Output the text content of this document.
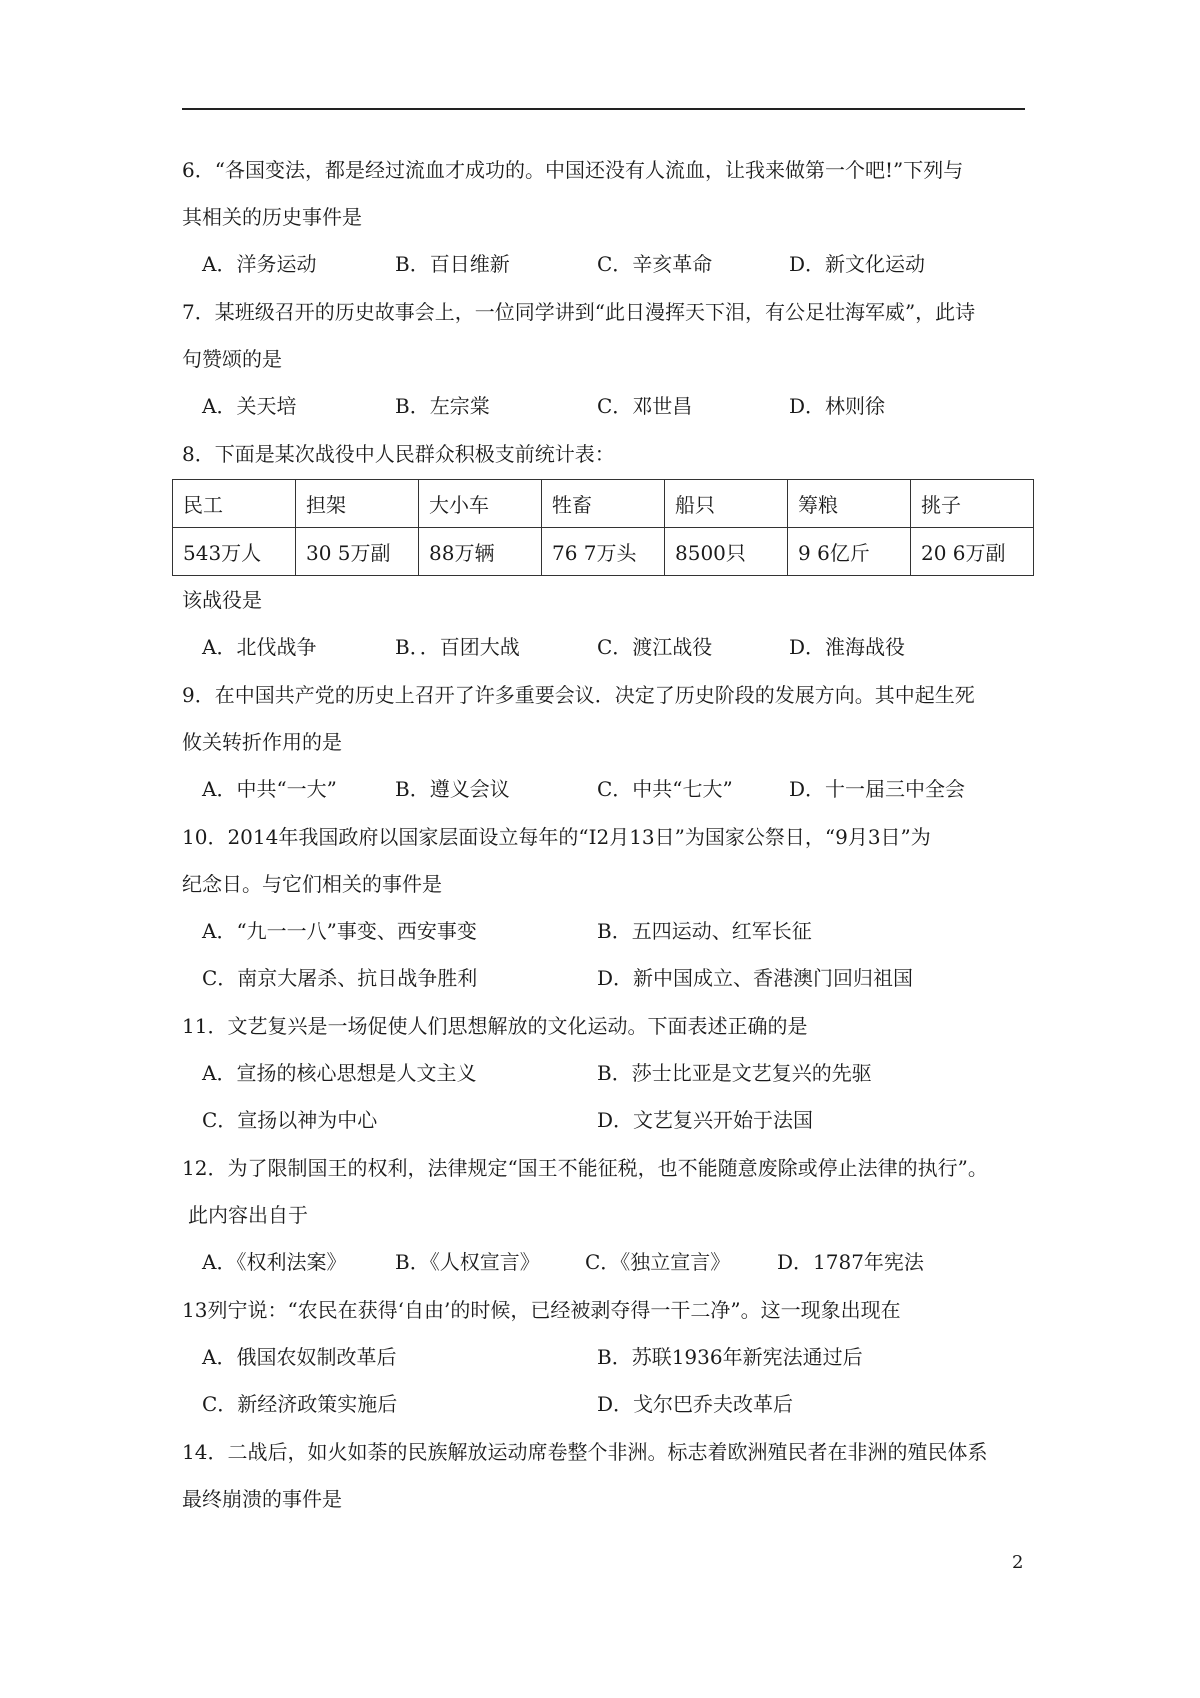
6．“各国变法，都是经过流血才成功的。中国还没有人流血，让我来做第一个吧!”下列与
其相关的历史事件是
A．洋务运动	B．百日维新	C．辛亥革命	D．新文化运动
7．某班级召开的历史故事会上，一位同学讲到“此日漫挥天下泪，有公足壮海军威”，此诗
句赞颂的是
A．关天培	B．左宗棠	C．邓世昌	D．林则徐
8．下面是某次战役中人民群众积极支前统计表：
民工	担架	大小车	牲畜	船只	筹粮	挑子
543万人	30 5万副	88万辆	76 7万头	8500只	9 6亿斤	20 6万副
该战役是
A．北伐战争	B．．百团大战	C．渡江战役	D．淮海战役
9．在中国共产党的历史上召开了许多重要会议．决定了历史阶段的发展方向。其中起生死
攸关转折作用的是
A．中共“一大”	B．遵义会议	C．中共“七大”	D．十一届三中全会
10．2014年我国政府以国家层面设立每年的“I2月13日”为国家公祭日，“9月3日”为
纪念日。与它们相关的事件是
A．“九一一八”事变、西安事变	B．五四运动、红军长征
C．南京大屠杀、抗日战争胜利	D．新中国成立、香港澳门回归祖国
11．文艺复兴是一场促使人们思想解放的文化运动。下面表述正确的是
A．宣扬的核心思想是人文主义	B．莎士比亚是文艺复兴的先驱
C．宣扬以神为中心	D．文艺复兴开始于法国
12．为了限制国王的权利，法律规定“国王不能征税，也不能随意废除或停止法律的执行”。
此内容出自于
A．《权利法案》 B．《人权宣言》 C．《独立宣言》 D．1787年宪法
13列宁说：“农民在获得‘自由’的时候，已经被剥夺得一干二净”。这一现象出现在
A．俄国农奴制改革后	B．苏联1936年新宪法通过后
C．新经济政策实施后	D．戈尔巴乔夫改革后
14．二战后，如火如荼的民族解放运动席卷整个非洲。标志着欧洲殖民者在非洲的殖民体系
最终崩溃的事件是
2
